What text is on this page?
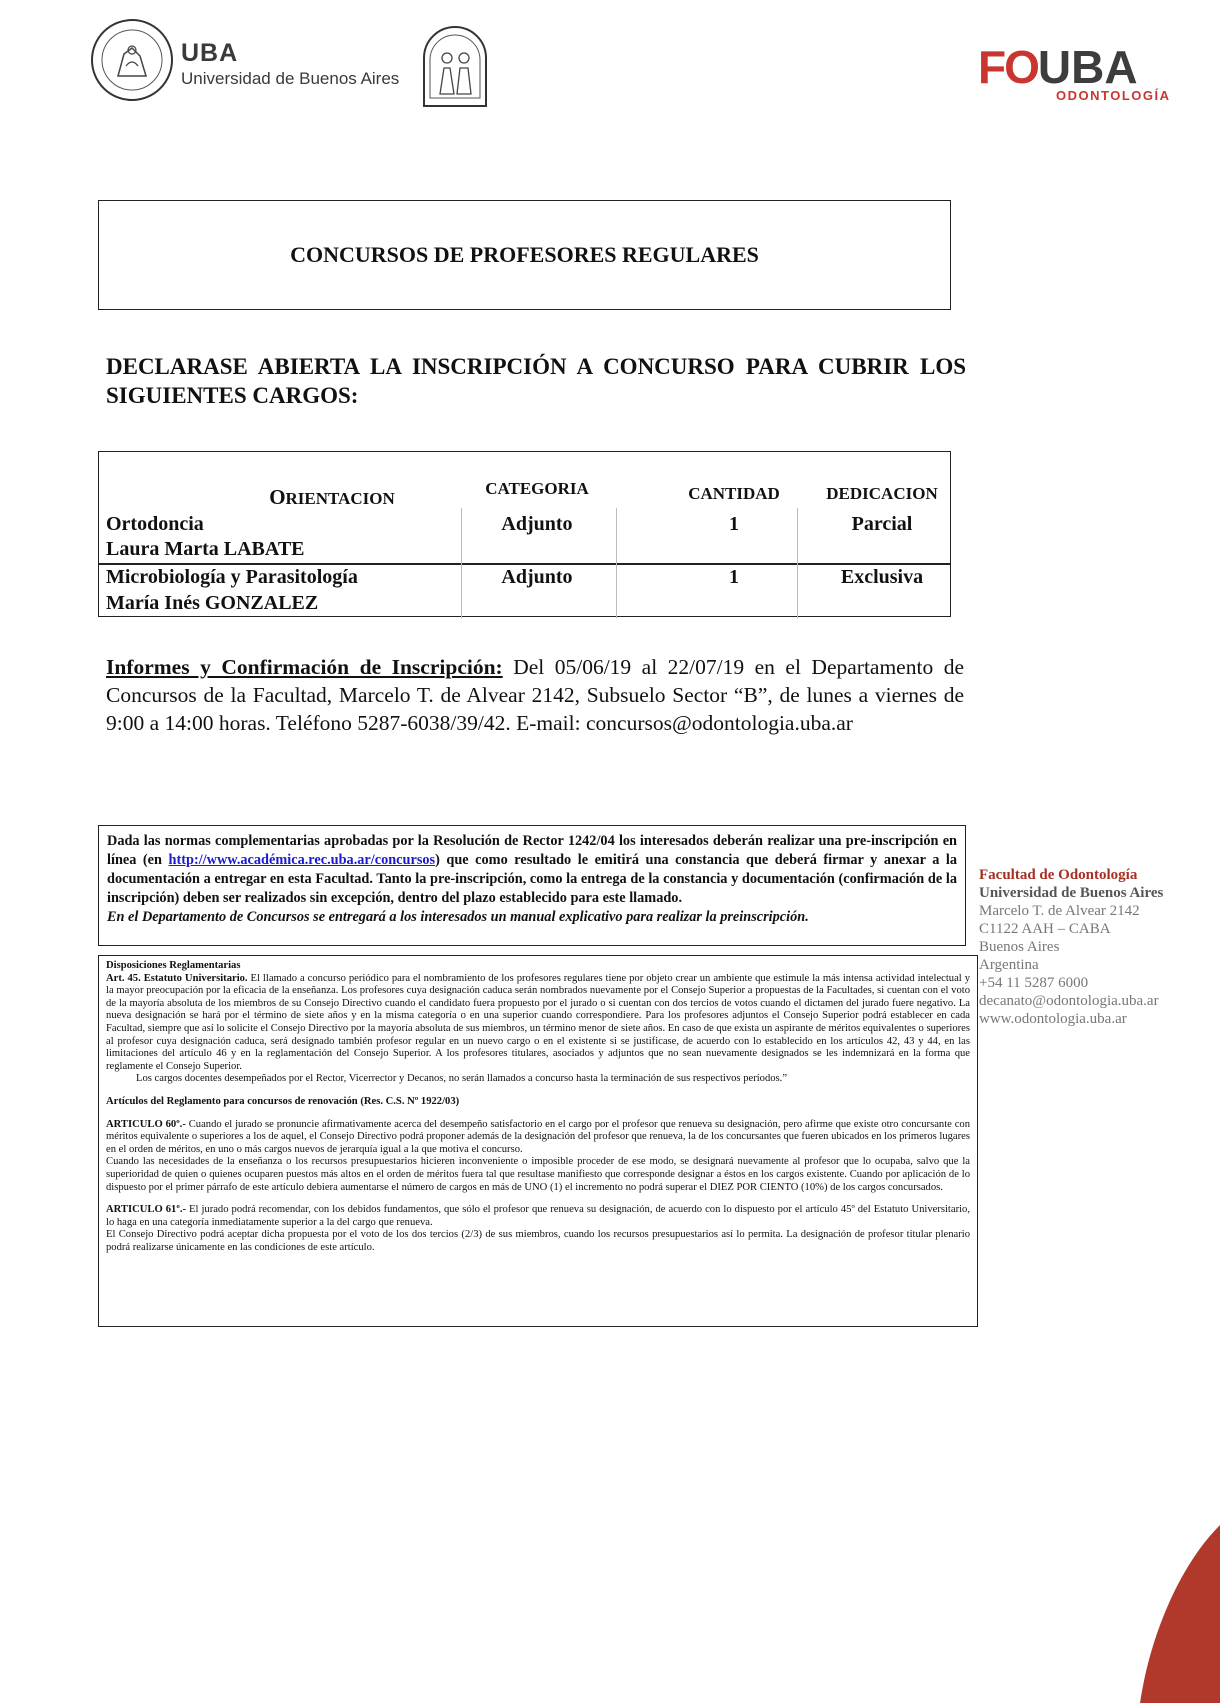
UBA
Universidad de Buenos Aires	FOUBA
ODONTOLOGÍA
CONCURSOS DE PROFESORES REGULARES
DECLARASE ABIERTA LA INSCRIPCIÓN A CONCURSO PARA CUBRIR LOS SIGUIENTES CARGOS:
ORIENTACION
CATEGORIA	CANTIDAD	DEDICACION
Ortodoncia
Laura Marta LABATE
Adjunto	1	Parcial
Microbiología y Parasitología
María Inés GONZALEZ
Adjunto	1	Exclusiva
Informes y Confirmación de Inscripción: Del 05/06/19 al 22/07/19 en el Departamento de Concursos de la Facultad, Marcelo T. de Alvear 2142, Subsuelo Sector “B”, de lunes a viernes de 9:00 a 14:00 horas. Teléfono 5287-6038/39/42. E-mail: concursos@odontologia.uba.ar
Dada las normas complementarias aprobadas por la Resolución de Rector 1242/04 los interesados deberán realizar una pre-inscripción en línea (en http://www.académica.rec.uba.ar/concursos) que como resultado le emitirá una constancia que deberá firmar y anexar a la documentación a entregar en esta Facultad. Tanto la pre-inscripción, como la entrega de la constancia y documentación (confirmación de la inscripción) deben ser realizados sin excepción, dentro del plazo establecido para este llamado.
En el Departamento de Concursos se entregará a los interesados un manual explicativo para realizar la preinscripción.

Disposiciones Reglamentarias

Art. 45. Estatuto Universitario. El llamado a concurso periódico para el nombramiento de los profesores regulares tiene por objeto crear un ambiente que estimule la más intensa actividad intelectual y la mayor preocupación por la eficacia de la enseñanza. Los profesores cuya designación caduca serán nombrados nuevamente por el Consejo Superior a propuestas de la Facultades, si cuentan con el voto de la mayoría absoluta de los miembros de su Consejo Directivo cuando el candidato fuera propuesto por el jurado o si cuentan con dos tercios de votos cuando el dictamen del jurado fuere negativo. La nueva designación se hará por el término de siete años y en la misma categoría o en una superior cuando correspondiere. Para los profesores adjuntos el Consejo Superior podrá establecer en cada Facultad, siempre que así lo solicite el Consejo Directivo por la mayoría absoluta de sus miembros, un término menor de siete años. En caso de que exista un aspirante de méritos equivalentes o superiores al profesor cuya designación caduca, será designado también profesor regular en un nuevo cargo o en el existente si se justificase, de acuerdo con lo establecido en los artículos 42, 43 y 44, en las limitaciones del artículo 46 y en la reglamentación del Consejo Superior. A los profesores titulares, asociados y adjuntos que no sean nuevamente designados se les indemnizará en la forma que reglamente el Consejo Superior.

Los cargos docentes desempeñados por el Rector, Vicerrector y Decanos, no serán llamados a concurso hasta la terminación de sus respectivos períodos.”

Artículos del Reglamento para concursos de renovación (Res. C.S. Nº 1922/03)

ARTICULO 60º.- Cuando el jurado se pronuncie afirmativamente acerca del desempeño satisfactorio en el cargo por el profesor que renueva su designación, pero afirme que existe otro concursante con méritos equivalente o superiores a los de aquel, el Consejo Directivo podrá proponer además de la designación del profesor que renueva, la de los concursantes que fueren ubicados en los primeros lugares en el orden de méritos, en uno o más cargos nuevos de jerarquía igual a la que motiva el concurso.

Cuando las necesidades de la enseñanza o los recursos presupuestarios hicieren inconveniente o imposible proceder de ese modo, se designará nuevamente al profesor que lo ocupaba, salvo que la superioridad de quien o quienes ocuparen puestos más altos en el orden de méritos fuera tal que resultase manifiesto que corresponde designar a éstos en los cargos existente. Cuando por aplicación de lo dispuesto por el primer párrafo de este artículo debiera aumentarse el número de cargos en más de UNO (1) el incremento no podrá superar el DIEZ POR CIENTO (10%) de los cargos concursados.

ARTICULO 61º.- El jurado podrá recomendar, con los debidos fundamentos, que sólo el profesor que renueva su designación, de acuerdo con lo dispuesto por el artículo 45º del Estatuto Universitario, lo haga en una categoría inmediatamente superior a la del cargo que renueva.

El Consejo Directivo podrá aceptar dicha propuesta por el voto de los dos tercios (2/3) de sus miembros, cuando los recursos presupuestarios así lo permita. La designación de profesor titular plenario podrá realizarse únicamente en las condiciones de este artículo.

Facultad de Odontología
Universidad de Buenos Aires
Marcelo T. de Alvear 2142
C1122 AAH – CABA
Buenos Aires
Argentina
+54 11 5287 6000
decanato@odontologia.uba.ar
www.odontologia.uba.ar
